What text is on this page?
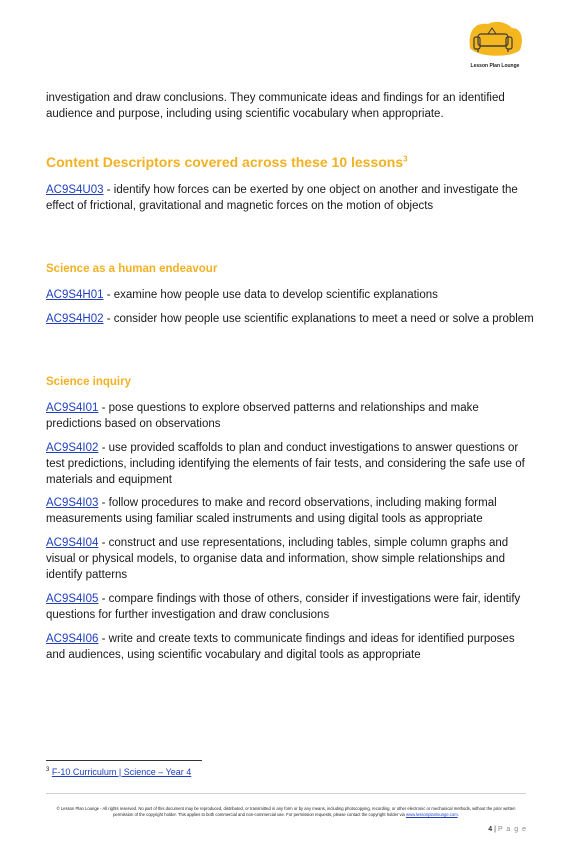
Lesson Plan Lounge

investigation and draw conclusions. They communicate ideas and findings for an identified audience and purpose, including using scientific vocabulary when appropriate.

Content Descriptors covered across these 10 lessons$^3$

AC9S4U03 - identify how forces can be exerted by one object on another and investigate the effect of frictional, gravitational and magnetic forces on the motion of objects

Science as a human endeavour

AC9S4H01 - examine how people use data to develop scientific explanations

AC9S4H02 - consider how people use scientific explanations to meet a need or solve a problem

Science inquiry

AC9S4I01 - pose questions to explore observed patterns and relationships and make predictions based on observations

AC9S4I02 - use provided scaffolds to plan and conduct investigations to answer questions or test predictions, including identifying the elements of fair tests, and considering the safe use of materials and equipment

AC9S4I03 - follow procedures to make and record observations, including making formal measurements using familiar scaled instruments and using digital tools as appropriate

AC9S4I04 - construct and use representations, including tables, simple column graphs and visual or physical models, to organise data and information, show simple relationships and identify patterns

AC9S4I05 - compare findings with those of others, consider if investigations were fair, identify questions for further investigation and draw conclusions

AC9S4I06 - write and create texts to communicate findings and ideas for identified purposes and audiences, using scientific vocabulary and digital tools as appropriate

$^3$ F-10 Curriculum | Science – Year 4
© Lesson Plan Lounge - All rights reserved. No part of this document may be reproduced, distributed, or transmitted in any form or by any means, including photocopying, recording, or other electronic or mechanical methods, without the prior written permission of the copyright holder. This applies to both commercial and non-commercial use. For permission requests, please contact the copyright holder via www.lessonplanlounge.com.
4 | P a g e
